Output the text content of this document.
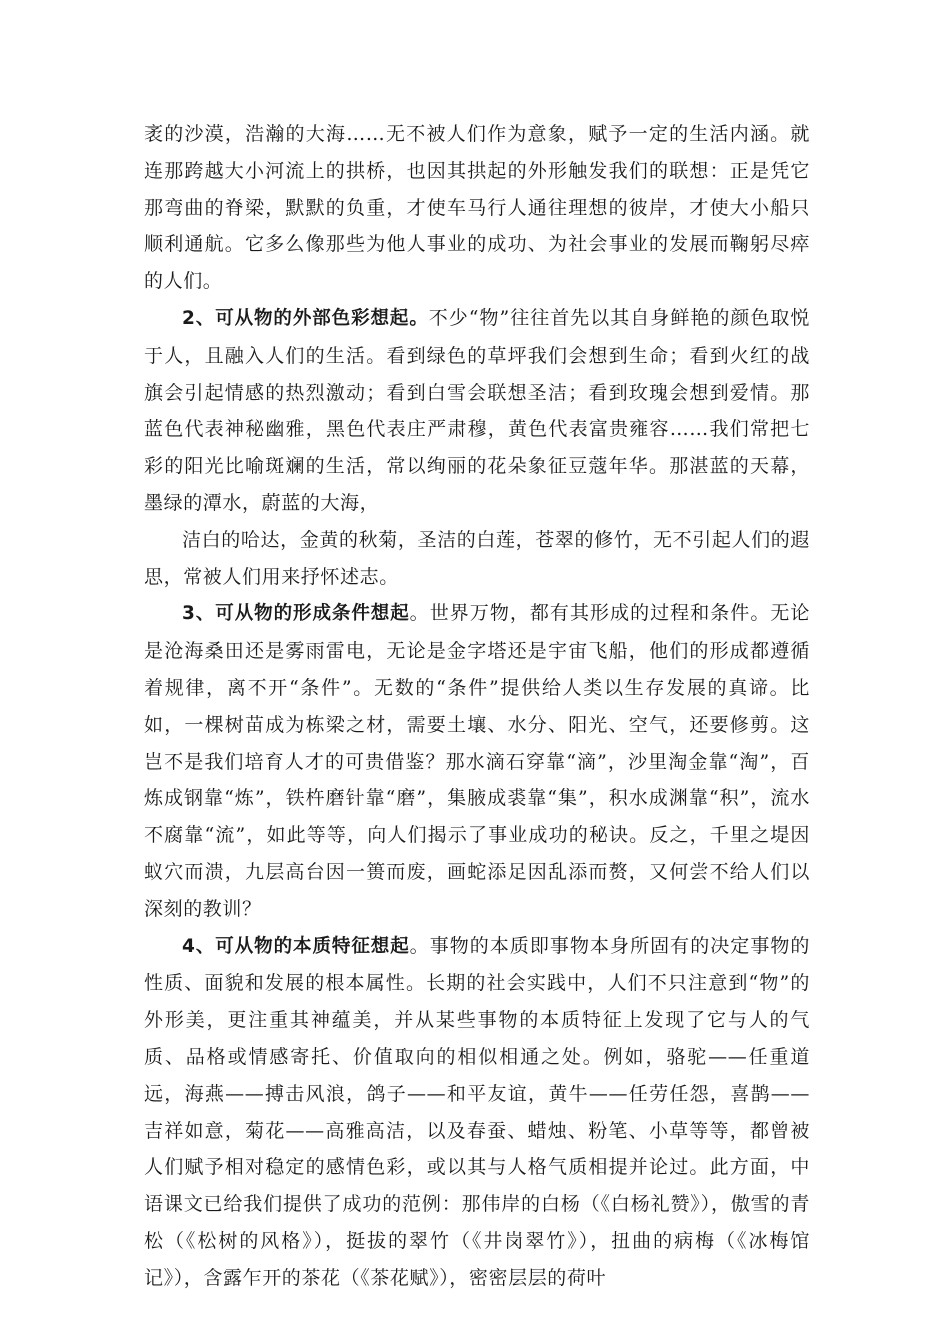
袤的沙漠，浩瀚的大海……无不被人们作为意象，赋予一定的生活内涵。就连那跨越大小河流上的拱桥，也因其拱起的外形触发我们的联想：正是凭它那弯曲的脊梁，默默的负重，才使车马行人通往理想的彼岸，才使大小船只顺利通航。它多么像那些为他人事业的成功、为社会事业的发展而鞠躬尽瘁的人们。

2、可从物的外部色彩想起。不少“物”往往首先以其自身鲜艳的颜色取悦于人，且融入人们的生活。看到绿色的草坪我们会想到生命；看到火红的战旗会引起情感的热烈激动；看到白雪会联想圣洁；看到玫瑰会想到爱情。那蓝色代表神秘幽雅，黑色代表庄严肃穆，黄色代表富贵雍容……我们常把七彩的阳光比喻斑斓的生活，常以绚丽的花朵象征豆蔻年华。那湛蓝的天幕，墨绿的潭水，蔚蓝的大海，

洁白的哈达，金黄的秋菊，圣洁的白莲，苍翠的修竹，无不引起人们的遐思，常被人们用来抒怀述志。

3、可从物的形成条件想起。世界万物，都有其形成的过程和条件。无论是沧海桑田还是雾雨雷电，无论是金字塔还是宇宙飞船，他们的形成都遵循着规律，离不开“条件”。无数的“条件”提供给人类以生存发展的真谛。比如，一棵树苗成为栋梁之材，需要土壤、水分、阳光、空气，还要修剪。这岂不是我们培育人才的可贵借鉴？那水滴石穿靠“滴”，沙里淘金靠“淘”，百炼成钢靠“炼”，铁杵磨针靠“磨”，集腋成裘靠“集”，积水成渊靠“积”，流水不腐靠“流”，如此等等，向人们揭示了事业成功的秘诀。反之，千里之堤因蚁穴而溃，九层高台因一篑而废，画蛇添足因乱添而赘，又何尝不给人们以深刻的教训？

4、可从物的本质特征想起。事物的本质即事物本身所固有的决定事物的性质、面貌和发展的根本属性。长期的社会实践中，人们不只注意到“物”的外形美，更注重其神蕴美，并从某些事物的本质特征上发现了它与人的气质、品格或情感寄托、价值取向的相似相通之处。例如，骆驼——任重道远，海燕——搏击风浪，鸽子——和平友谊，黄牛——任劳任怨，喜鹊——吉祥如意，菊花——高雅高洁，以及春蚕、蜡烛、粉笔、小草等等，都曾被人们赋予相对稳定的感情色彩，或以其与人格气质相提并论过。此方面，中语课文已给我们提供了成功的范例：那伟岸的白杨（《白杨礼赞》），傲雪的青松（《松树的风格》），挺拔的翠竹（《井岗翠竹》），扭曲的病梅（《冰梅馆记》），含露乍开的茶花（《茶花赋》），密密层层的荷叶
